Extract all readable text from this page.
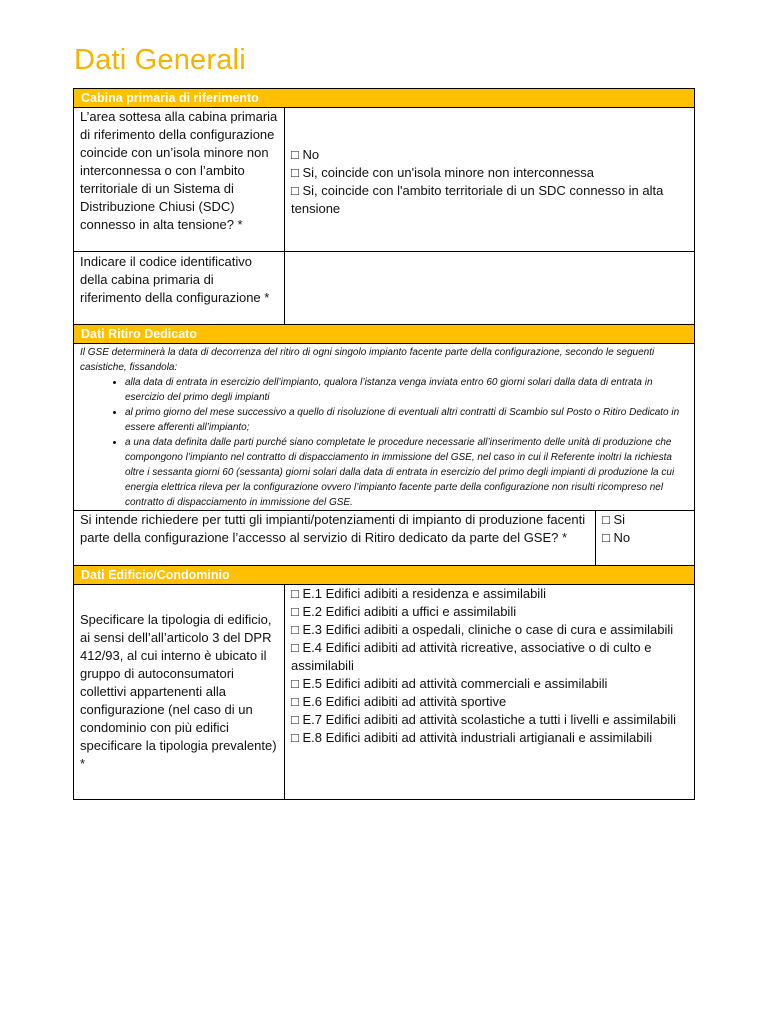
Dati Generali
Cabina primaria di riferimento
L’area sottesa alla cabina primaria di riferimento della configurazione coincide con un’isola minore non interconnessa o con l’ambito territoriale di un Sistema di Distribuzione Chiusi (SDC) connesso in alta tensione? *
□ No
□ Si, coincide con un'isola minore non interconnessa
□ Si, coincide con l'ambito territoriale di un SDC connesso in alta tensione
Indicare il codice identificativo della cabina primaria di riferimento della configurazione *
Dati Ritiro Dedicato
Il GSE determinerà la data di decorrenza del ritiro di ogni singolo impianto facente parte della configurazione, secondo le seguenti casistiche, fissandola:
• alla data di entrata in esercizio dell’impianto, qualora l’istanza venga inviata entro 60 giorni solari dalla data di entrata in esercizio del primo degli impianti
• al primo giorno del mese successivo a quello di risoluzione di eventuali altri contratti di Scambio sul Posto o Ritiro Dedicato in essere afferenti all’impianto;
• a una data definita dalle parti purché siano completate le procedure necessarie all’inserimento delle unità di produzione che compongono l’impianto nel contratto di dispacciamento in immissione del GSE, nel caso in cui il Referente inoltri la richiesta oltre i sessanta giorni 60 (sessanta) giorni solari dalla data di entrata in esercizio del primo degli impianti di produzione la cui energia elettrica rileva per la configurazione ovvero l’impianto facente parte della configurazione non risulti ricompreso nel contratto di dispacciamento in immissione del GSE.
Si intende richiedere per tutti gli impianti/potenziamenti di impianto di produzione facenti parte della configurazione l’accesso al servizio di Ritiro dedicato da parte del GSE? *
□ Si
□ No
Dati Edificio/Condominio
Specificare la tipologia di edificio, ai sensi dell’all’articolo 3 del DPR 412/93, al cui interno è ubicato il gruppo di autoconsumatori collettivi appartenenti alla configurazione (nel caso di un condominio con più edifici specificare la tipologia prevalente) *
□ E.1 Edifici adibiti a residenza e assimilabili
□ E.2 Edifici adibiti a uffici e assimilabili
□ E.3 Edifici adibiti a ospedali, cliniche o case di cura e assimilabili
□ E.4 Edifici adibiti ad attività ricreative, associative o di culto e assimilabili
□ E.5 Edifici adibiti ad attività commerciali e assimilabili
□ E.6 Edifici adibiti ad attività sportive
□ E.7 Edifici adibiti ad attività scolastiche a tutti i livelli e assimilabili
□ E.8 Edifici adibiti ad attività industriali artigianali e assimilabili
